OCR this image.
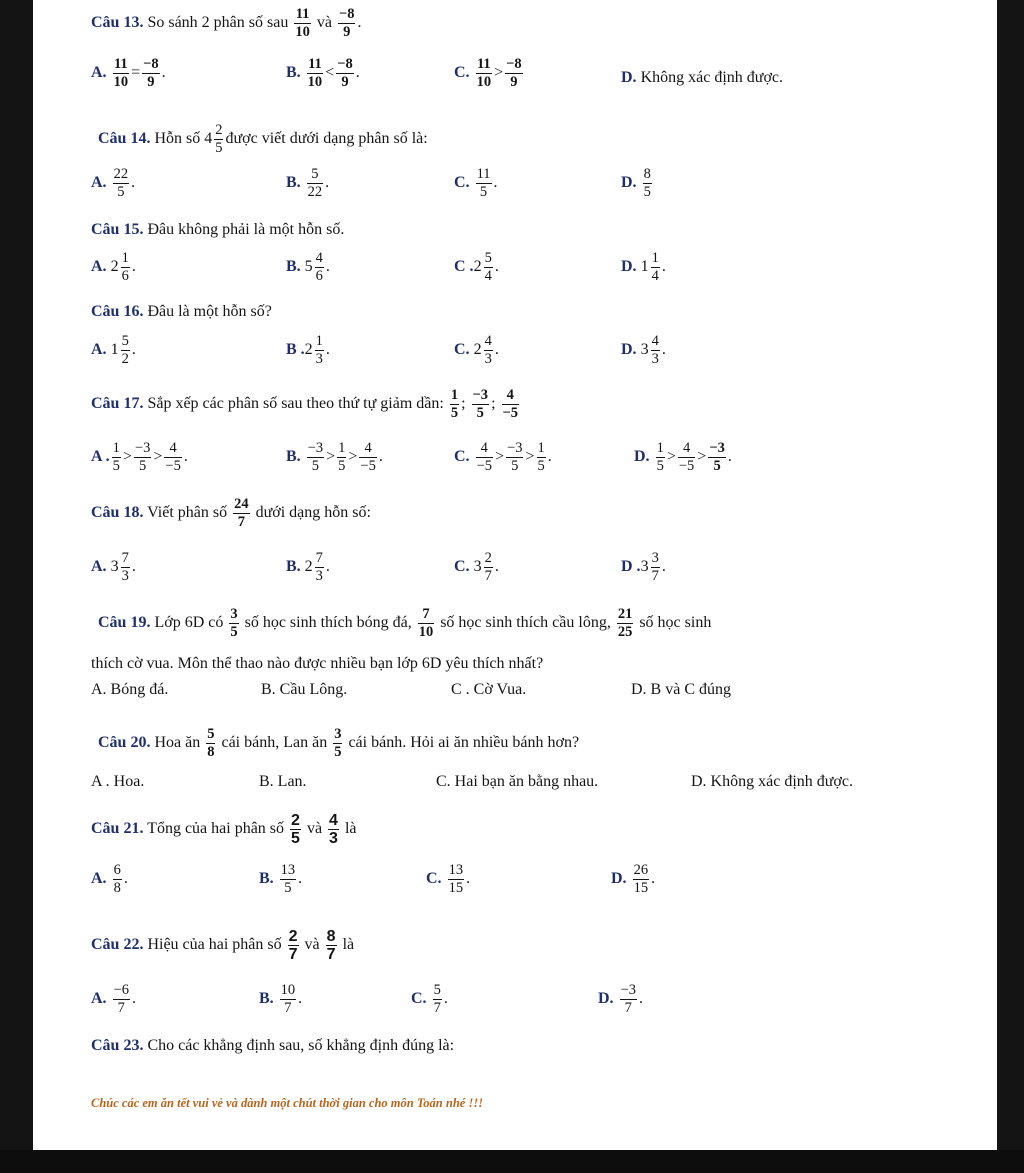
Câu 13. So sánh 2 phân số sau $\frac{11}{10}$ và $\frac{-8}{9}$ .
A. $\frac{11}{10} = \frac{-8}{9}$ .	B. $\frac{11}{10} < \frac{-8}{9}$ .	C. $\frac{11}{10} > \frac{-8}{9}$	D. Không xác định được.
Câu 14. Hỗn số $4 \frac{2}{5}$ được viết dưới dạng phân số là:
A. $\frac{22}{5}$ .	B. $\frac{5}{22}$ .	C. $\frac{11}{5}$ .	D. $\frac{8}{5}$
Câu 15. Đâu không phải là một hỗn số.
A. $2 \frac{1}{6}$ .	B. $5 \frac{4}{6}$ .	C $.2 \frac{5}{4}$ .	D. $1 \frac{1}{4}$ .
Câu 16. Đâu là một hỗn số?
A. $1 \frac{5}{2}$ .	B $.2 \frac{1}{3}$ .	C. $2 \frac{4}{3}$ .	D. $3 \frac{4}{3}$ .
Câu 17. Sắp xếp các phân số sau theo thứ tự giảm dần: $\frac{1}{5}$ ; $\frac{-3}{5}$ ; $\frac{4}{-5}$
A . $\frac{1}{5} > \frac{-3}{5} > \frac{4}{-5}$ .	B. $\frac{-3}{5} > \frac{1}{5} > \frac{4}{-5}$ .	C. $\frac{4}{-5} > \frac{-3}{5} > \frac{1}{5}$ .	D. $\frac{1}{5} > \frac{4}{-5} > \frac{-3}{5}$ .
Câu 18. Viết phân số $\frac{24}{7}$ dưới dạng hỗn số:
A. $3 \frac{7}{3}$ .	B. $2 \frac{7}{3}$ .	C. $3 \frac{2}{7}$ .	D $.3 \frac{3}{7}$ .
Câu 19. Lớp 6D có $\frac{3}{5}$ số học sinh thích bóng đá, $\frac{7}{10}$ số học sinh thích cầu lông, $\frac{21}{25}$ số học sinh
thích cờ vua. Môn thể thao nào được nhiều bạn lớp 6D yêu thích nhất?
A. Bóng đá.	B. Cầu Lông.	C . Cờ Vua.	D. B và C đúng
Câu 20. Hoa ăn $\frac{5}{8}$ cái bánh, Lan ăn $\frac{3}{5}$ cái bánh. Hỏi ai ăn nhiều bánh hơn?
A . Hoa.	B. Lan.	C. Hai bạn ăn bằng nhau.	D. Không xác định được.
Câu 21. Tổng của hai phân số $\frac{2}{5}$ và $\frac{4}{3}$ là
A. $\frac{6}{8}$ .	B. $\frac{13}{5}$ .	C. $\frac{13}{15}$ .	D. $\frac{26}{15}$ .
Câu 22. Hiệu của hai phân số $\frac{2}{7}$ và $\frac{8}{7}$ là
A. $\frac{-6}{7}$ .	B. $\frac{10}{7}$ .	C. $\frac{5}{7}$ .	D. $\frac{-3}{7}$ .
Câu 23. Cho các khẳng định sau, số khẳng định đúng là:
Chúc các em ăn tết vui vẻ và dành một chút thời gian cho môn Toán nhé !!!
